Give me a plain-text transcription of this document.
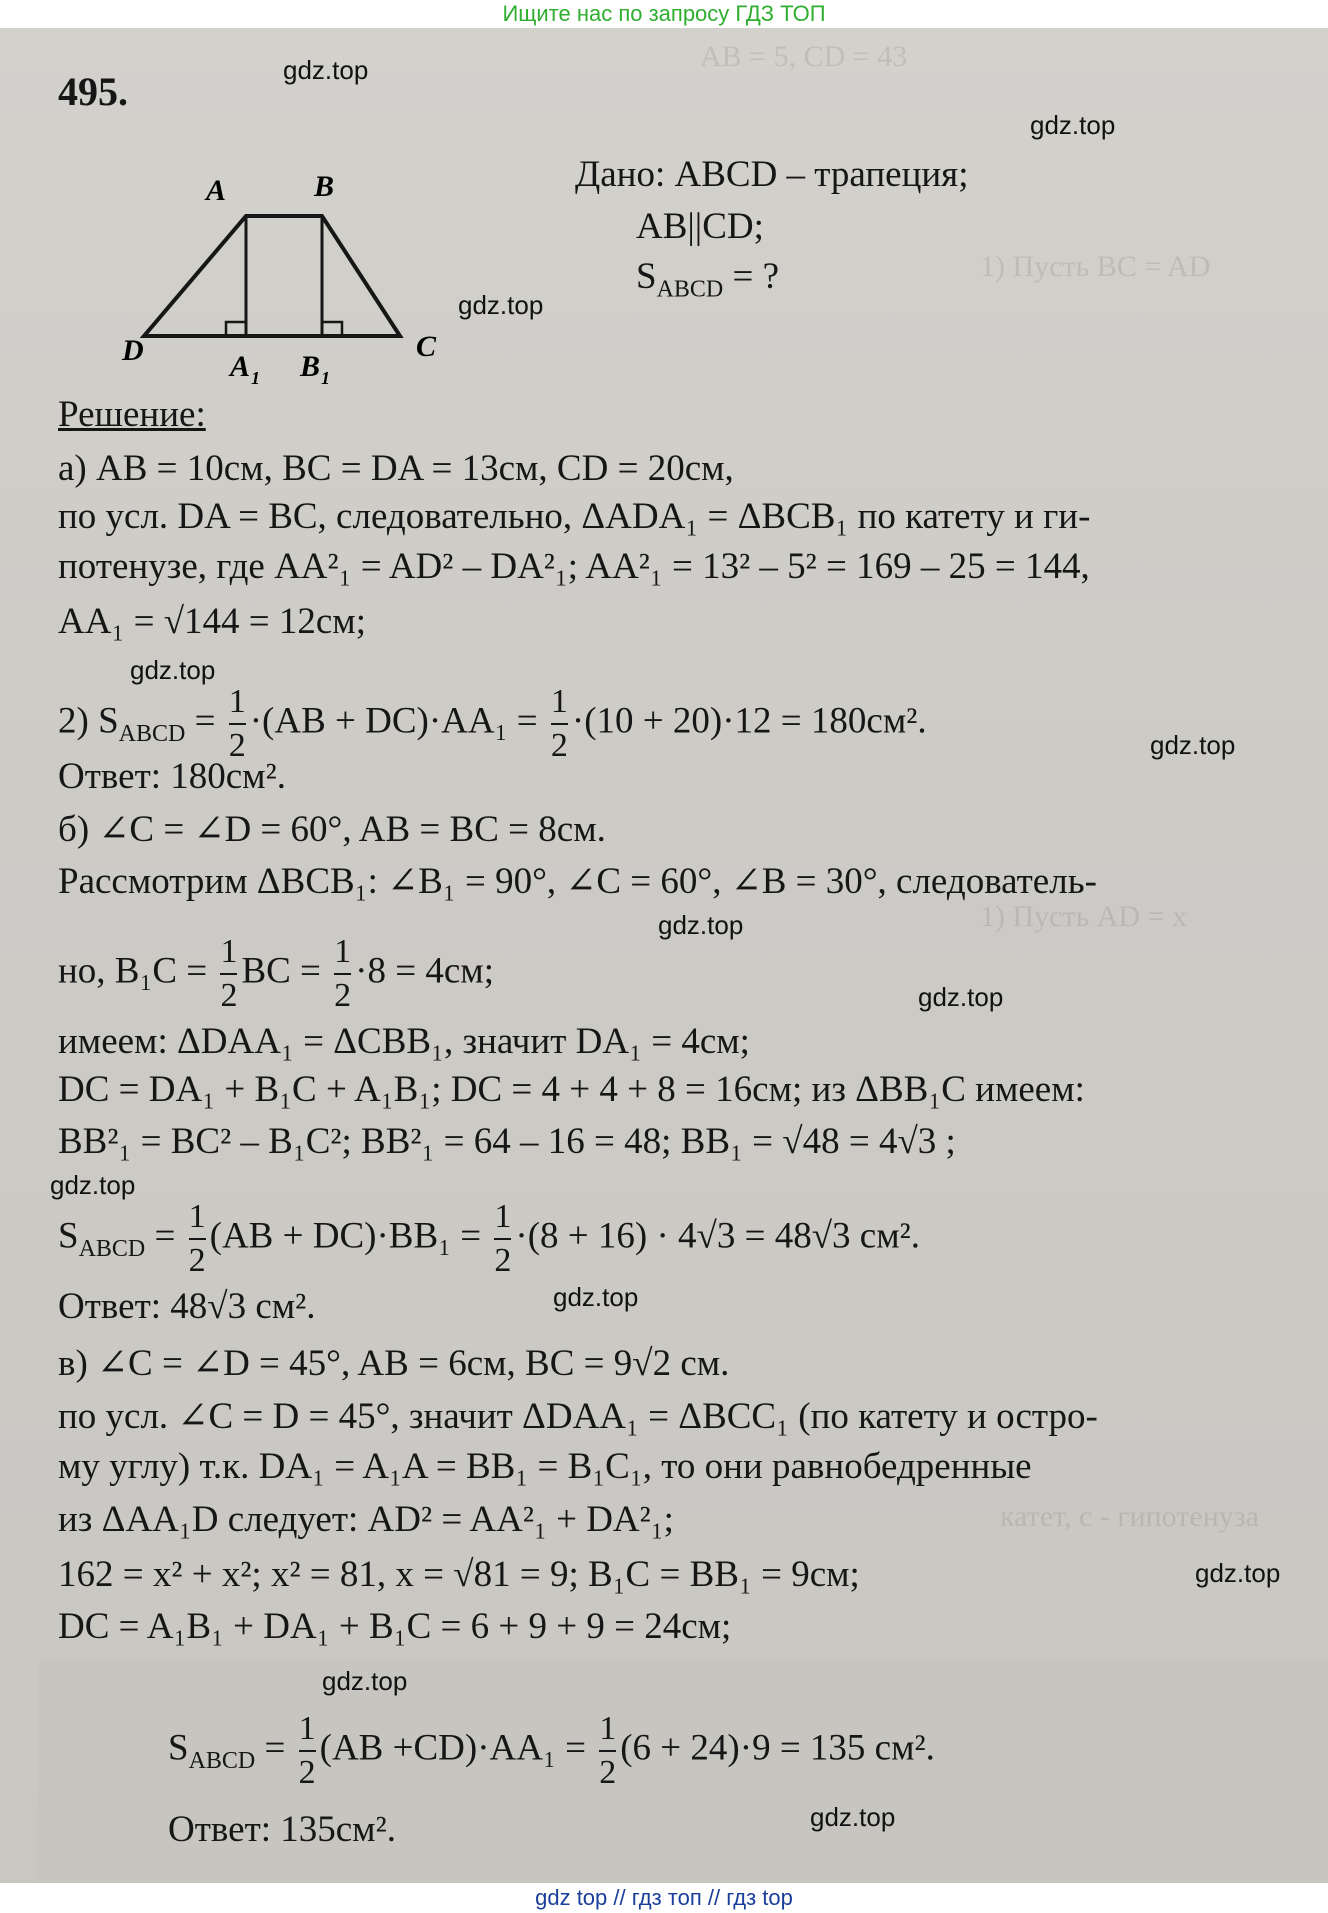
Ищите нас по запросу ГДЗ ТОП
AB = 5, CD = 43
1) Пусть BC = AD
1) Пусть AD = x
катет, c - гипотенуза
gdz.top
gdz.top
gdz.top
gdz.top
gdz.top
gdz.top
gdz.top
gdz.top
gdz.top
gdz.top
gdz.top
gdz.top
495.
A	B
C
D	A 1 B 1
Дано: ABCD – трапеция;
AB||CD;
$S_{ABCD}$ = ?
Решение:
а) AB = 10см, BC = DA = 13см, CD = 20см,
по усл. DA = BC, следовательно, ΔADA₁ = ΔBCB₁ по катету и ги-
потенузе, где AA²₁ = AD² – DA²₁; AA²₁ = 13² – 5² = 169 – 25 = 144,
AA₁ = √144 = 12см;
2) $S_{ABCD} = \frac{1}{2} \cdot(AB + DC)\cdot AA_1 = \frac{1}{2} \cdot(10 + 20)\cdot 12 = 180см^2$.
Ответ: 180см².
б) ∠C = ∠D = 60°, AB = BC = 8см.
Рассмотрим ΔBCB₁: ∠B₁ = 90°, ∠C = 60°, ∠B = 30°, следователь-
но, $B_1C = \frac{1}{2}$ BC = $\frac{1}{2} \cdot 8 = 4см$;
имеем: ΔDAA₁ = ΔCBB₁, значит DA₁ = 4см;
DC = DA₁ + B₁C + A₁B₁; DC = 4 + 4 + 8 = 16см; из ΔBB₁C имеем:
BB²₁ = BC² – B₁C²; BB²₁ = 64 – 16 = 48; BB₁ = √48 = 4√3 ;
$S_{ABCD} = \frac{1}{2} (AB + DC)\cdot BB_1 = \frac{1}{2} \cdot(8 + 16) \cdot 4√3 = 48√3$ см².
Ответ: 48√3 см².
в) ∠C = ∠D = 45°, AB = 6см, BC = 9√2 см.
по усл. ∠C = D = 45°, значит ΔDAA₁ = ΔBCC₁ (по катету и остро-
му углу) т.к. DA₁ = A₁A = BB₁ = B₁C₁, то они равнобедренные
из ΔAA₁D следует: AD² = AA²₁ + DA²₁;
162 = x² + x²; x² = 81, x = √81 = 9; B₁C = BB₁ = 9см;
DC = A₁B₁ + DA₁ + B₁C = 6 + 9 + 9 = 24см;
$S_{ABCD} = \frac{1}{2} (AB +CD)\cdot AA_1 = \frac{1}{2} (6 + 24)\cdot 9 = 135$ см².
Ответ: 135см².
gdz top // гдз топ // гдз top
